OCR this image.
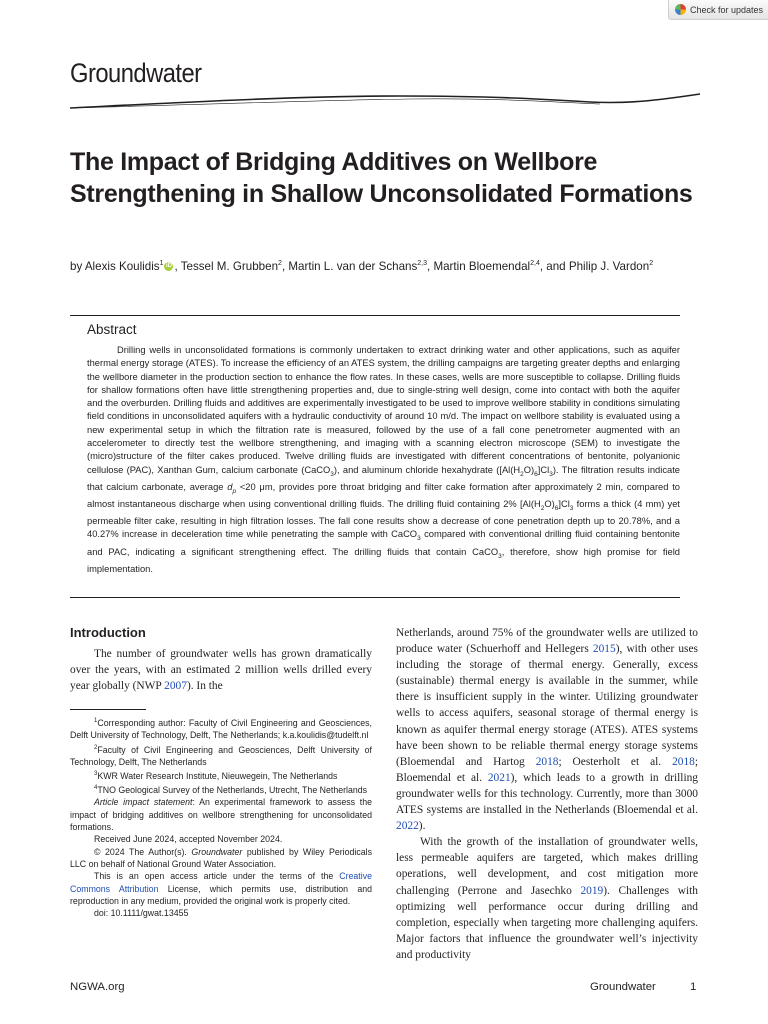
Check for updates
Groundwater
The Impact of Bridging Additives on Wellbore Strengthening in Shallow Unconsolidated Formations
by Alexis Koulidis$^1$ iD , Tessel M. Grubben$^2$, Martin L. van der Schans$^{2,3}$, Martin Bloemendal$^{2,4}$, and Philip J. Vardon$^2$
Abstract
Drilling wells in unconsolidated formations is commonly undertaken to extract drinking water and other applications, such as aquifer thermal energy storage (ATES). To increase the efficiency of an ATES system, the drilling campaigns are targeting greater depths and enlarging the wellbore diameter in the production section to enhance the flow rates. In these cases, wells are more susceptible to collapse. Drilling fluids for shallow formations often have little strengthening properties and, due to single-string well design, come into contact with both the aquifer and the overburden. Drilling fluids and additives are experimentally investigated to be used to improve wellbore stability in conditions simulating field conditions in unconsolidated aquifers with a hydraulic conductivity of around 10 m/d. The impact on wellbore stability is evaluated using a new experimental setup in which the filtration rate is measured, followed by the use of a fall cone penetrometer augmented with an accelerometer to directly test the wellbore strengthening, and imaging with a scanning electron microscope (SEM) to investigate the (micro)structure of the filter cakes produced. Twelve drilling fluids are investigated with different concentrations of bentonite, polyanionic cellulose (PAC), Xanthan Gum, calcium carbonate (CaCO$_3$), and aluminum chloride hexahydrate $([Al(H_2O)_6]Cl_3)$. The filtration results indicate that calcium carbonate, average $d_p <20$ μm, provides pore throat bridging and filter cake formation after approximately 2 min, compared to almost instantaneous discharge when using conventional drilling fluids. The drilling fluid containing 2% $[Al(H_2O)_6]Cl_3$ forms a thick (4 mm) yet permeable filter cake, resulting in high filtration losses. The fall cone results show a decrease of cone penetration depth up to 20.78%, and a 40.27% increase in deceleration time while penetrating the sample with CaCO$_3$ compared with conventional drilling fluid containing bentonite and PAC, indicating a significant strengthening effect. The drilling fluids that contain CaCO$_3$, therefore, show high promise for field implementation.
Introduction
The number of groundwater wells has grown dramatically over the years, with an estimated 2 million wells drilled every year globally (NWP 2007). In the

$^1$Corresponding author: Faculty of Civil Engineering and Geosciences, Delft University of Technology, Delft, The Netherlands; k.a.koulidis@tudelft.nl

$^2$Faculty of Civil Engineering and Geosciences, Delft University of Technology, Delft, The Netherlands

$^3$KWR Water Research Institute, Nieuwegein, The Netherlands

$^4$TNO Geological Survey of the Netherlands, Utrecht, The Netherlands

Article impact statement: An experimental framework to assess the impact of bridging additives on wellbore strengthening for unconsolidated formations.

Received June 2024, accepted November 2024.

© 2024 The Author(s). Groundwater published by Wiley Periodicals LLC on behalf of National Ground Water Association.

This is an open access article under the terms of the Creative Commons Attribution License, which permits use, distribution and reproduction in any medium, provided the original work is properly cited.

doi: 10.1111/gwat.13455

Netherlands, around 75% of the groundwater wells are utilized to produce water (Schuerhoff and Hellegers 2015), with other uses including the storage of thermal energy. Generally, excess (sustainable) thermal energy is available in the summer, while there is insufficient supply in the winter. Utilizing groundwater wells to access aquifers, seasonal storage of thermal energy is known as aquifer thermal energy storage (ATES). ATES systems have been shown to be reliable thermal energy storage systems (Bloemendal and Hartog 2018; Oesterholt et al. 2018; Bloemendal et al. 2021), which leads to a growth in drilling groundwater wells for this technology. Currently, more than 3000 ATES systems are installed in the Netherlands (Bloemendal et al. 2022).

With the growth of the installation of groundwater wells, less permeable aquifers are targeted, which makes drilling operations, well development, and cost mitigation more challenging (Perrone and Jasechko 2019). Challenges with optimizing well performance occur during drilling and completion, especially when targeting more challenging aquifers. Major factors that influence the groundwater well’s injectivity and productivity

NGWA.org	Groundwater	1
